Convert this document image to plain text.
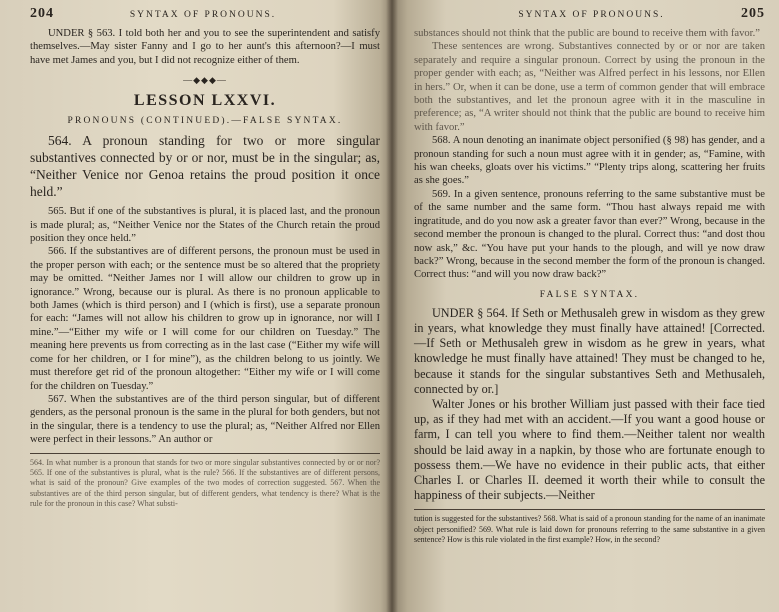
204	SYNTAX OF PRONOUNS.

UNDER § 563. I told both her and you to see the superintendent and satisfy themselves.—May sister Fanny and I go to her aunt's this afternoon?—I must have met James and you, but I did not recognize either of them.

—◆◆◆—
LESSON LXXVI.
PRONOUNS (CONTINUED).—FALSE SYNTAX.

564. A pronoun standing for two or more singular substantives connected by or or nor, must be in the singular; as, “Neither Venice nor Genoa retains the proud position it once held.”

565. But if one of the substantives is plural, it is placed last, and the pronoun is made plural; as, “Neither Venice nor the States of the Church retain the proud position they once held.”

566. If the substantives are of different persons, the pronoun must be used in the proper person with each; or the sentence must be so altered that the propriety may be omitted. “Neither James nor I will allow our children to grow up in ignorance.” Wrong, because our is plural. As there is no pronoun applicable to both James (which is third person) and I (which is first), use a separate pronoun for each: “James will not allow his children to grow up in ignorance, nor will I mine.”—“Either my wife or I will come for our children on Tuesday.” The meaning here prevents us from correcting as in the last case (“Either my wife will come for her children, or I for mine”), as the children belong to us jointly. We must therefore get rid of the pronoun altogether: “Either my wife or I will come for the children on Tuesday.”

567. When the substantives are of the third person singular, but of different genders, as the personal pronoun is the same in the plural for both genders, but not in the singular, there is a tendency to use the plural; as, “Neither Alfred nor Ellen were perfect in their lessons.” An author or

564. In what number is a pronoun that stands for two or more singular substantives connected by or or nor? 565. If one of the substantives is plural, what is the rule? 566. If the substantives are of different persons, what is said of the pronoun? Give examples of the two modes of correction suggested. 567. When the substantives are of the third person singular, but of different genders, what tendency is there? What is the rule for the pronoun in this case? What substi-

SYNTAX OF PRONOUNS.	205

substances should not think that the public are bound to receive them with favor.”

These sentences are wrong. Substantives connected by or or nor are taken separately and require a singular pronoun. Correct by using the pronoun in the proper gender with each; as, “Neither was Alfred perfect in his lessons, nor Ellen in hers.” Or, when it can be done, use a term of common gender that will embrace both the substantives, and let the pronoun agree with it in the masculine in preference; as, “A writer should not think that the public are bound to receive him with favor.”

568. A noun denoting an inanimate object personified (§ 98) has gender, and a pronoun standing for such a noun must agree with it in gender; as, “Famine, with his wan cheeks, gloats over his victims.” “Plenty trips along, scattering her fruits as she goes.”

569. In a given sentence, pronouns referring to the same substantive must be of the same number and the same form. “Thou hast always repaid me with ingratitude, and do you now ask a greater favor than ever?” Wrong, because in the second member the pronoun is changed to the plural. Correct thus: “and dost thou now ask,” &c. “You have put your hands to the plough, and will ye now draw back?” Wrong, because in the second member the form of the pronoun is changed. Correct thus: “and will you now draw back?”

FALSE SYNTAX.

UNDER § 564. If Seth or Methusaleh grew in wisdom as they grew in years, what knowledge they must finally have attained! [Corrected.—If Seth or Methusaleh grew in wisdom as he grew in years, what knowledge he must finally have attained! They must be changed to he, because it stands for the singular substantives Seth and Methusaleh, connected by or.]

Walter Jones or his brother William just passed with their face tied up, as if they had met with an accident.—If you want a good house or farm, I can tell you where to find them.—Neither talent nor wealth should be laid away in a napkin, by those who are fortunate enough to possess them.—We have no evidence in their public acts, that either Charles I. or Charles II. deemed it worth their while to consult the happiness of their subjects.—Neither

tution is suggested for the substantives? 568. What is said of a pronoun standing for the name of an inanimate object personified? 569. What rule is laid down for pronouns referring to the same substantive in a given sentence? How is this rule violated in the first example? How, in the second?
